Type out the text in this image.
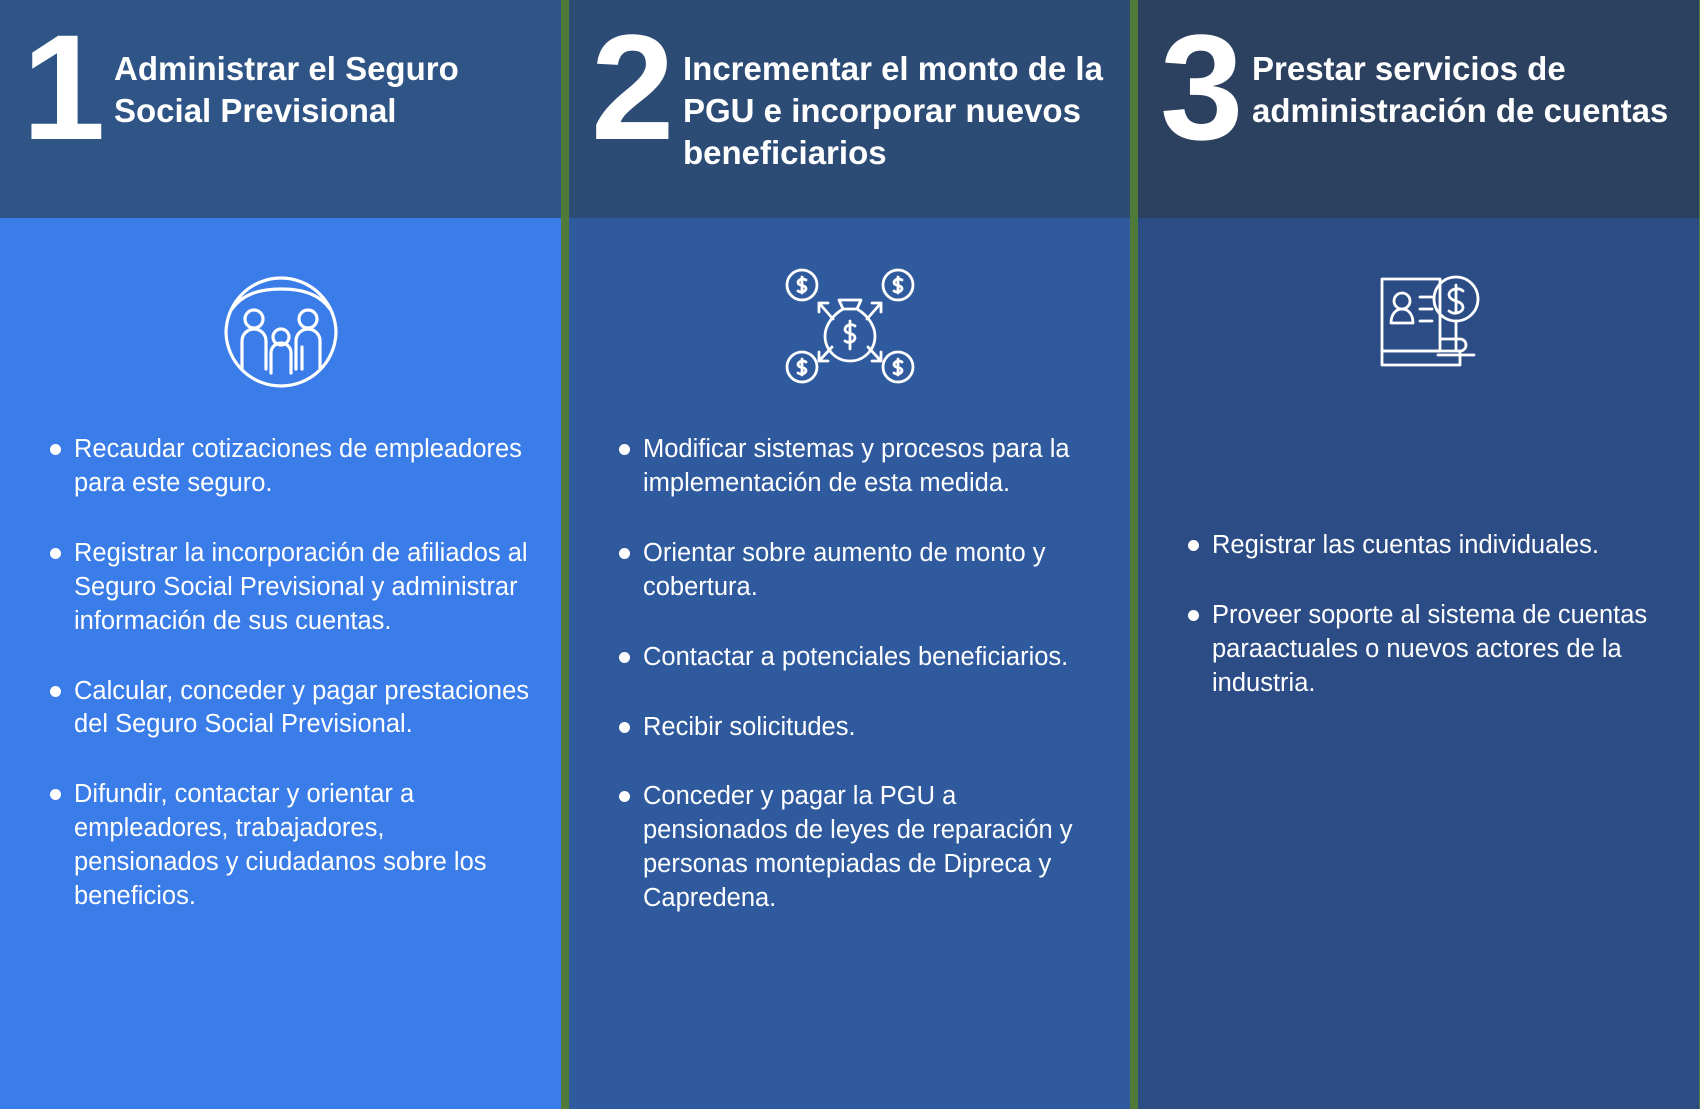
1 Administrar el Seguro Social Previsional
Recaudar cotizaciones de empleadores para este seguro.
Registrar la incorporación de afiliados al Seguro Social Previsional y administrar información de sus cuentas.
Calcular, conceder y pagar prestaciones del Seguro Social Previsional.
Difundir, contactar y orientar a empleadores, trabajadores, pensionados y ciudadanos sobre los beneficios.
2 Incrementar el monto de la PGU e incorporar nuevos beneficiarios
Modificar sistemas y procesos para la implementación de esta medida.
Orientar sobre aumento de monto y cobertura.
Contactar a potenciales beneficiarios.
Recibir solicitudes.
Conceder y pagar la PGU a pensionados de leyes de reparación y personas montepiadas de Dipreca y Capredena.
3 Prestar servicios de administración de cuentas
Registrar las cuentas individuales.
Proveer soporte al sistema de cuentas paraactuales o nuevos actores de la industria.
